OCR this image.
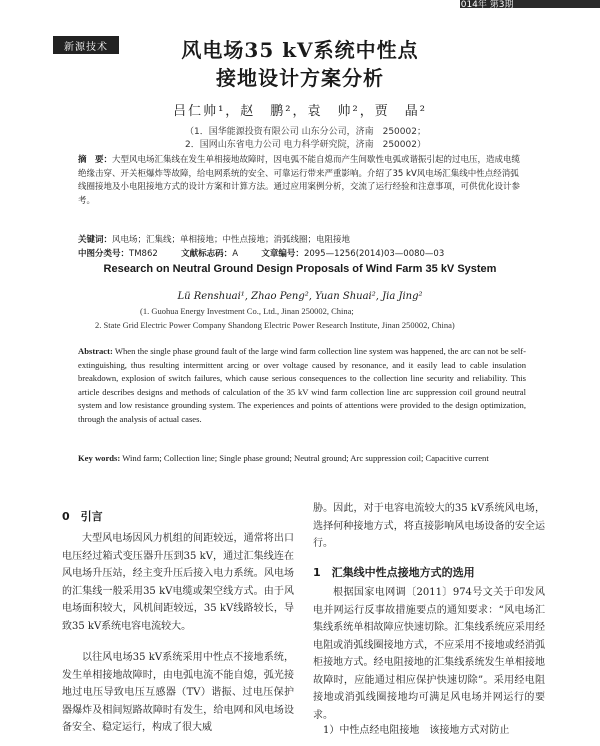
2014年 第3期
新源技术	风电场35 kV系统中性点
接地设计方案分析
吕仁帅¹，赵　鹏²，袁　帅²，贾　晶²
（1．国华能源投资有限公司 山东分公司，济南　250002；
2．国网山东省电力公司 电力科学研究院，济南　250002）
摘　要：大型风电场汇集线在发生单相接地故障时，因电弧不能自熄而产生间歇性电弧或谐振引起的过电压，造成电缆绝缘击穿、开关柜爆炸等故障，给电网系统的安全、可靠运行带来严重影响。介绍了35 kV风电场汇集线中性点经消弧线圈接地及小电阻接地方式的设计方案和计算方法。通过应用案例分析，交流了运行经验和注意事项，可供优化设计参考。
关键词：风电场；汇集线；单相接地；中性点接地；消弧线圈；电阻接地
中图分类号：TM862	文献标志码：A	文章编号：2095—1256(2014)03—0080—03
Research on Neutral Ground Design Proposals of Wind Farm 35 kV System
Lü Renshuai¹, Zhao Peng², Yuan Shuai², Jia Jing²
(1. Guohua Energy Investment Co., Ltd., Jinan 250002, China;
2. State Grid Electric Power Company Shandong Electric Power Research Institute, Jinan 250002, China)
Abstract: When the single phase ground fault of the large wind farm collection line system was happened, the arc can not be self-extinguishing, thus resulting intermittent arcing or over voltage caused by resonance, and it easily lead to cable insulation breakdown, explosion of switch failures, which cause serious consequences to the collection line security and reliability. This article describes designs and methods of calculation of the 35 kV wind farm collection line arc suppression coil ground neutral system and low resistance grounding system. The experiences and points of attentions were provided to the design optimization, through the analysis of actual cases.
Key words: Wind farm; Collection line; Single phase ground; Neutral ground; Arc suppression coil; Capacitive current
0　引言
大型风电场因风力机组的间距较远，通常将出口电压经过箱式变压器升压到35 kV，通过汇集线连在风电场升压站，经主变升压后接入电力系统。风电场的汇集线一般采用35 kV电缆或架空线方式。由于风电场面积较大，风机间距较远，35 kV线路较长，导致35 kV系统电容电流较大。
以往风电场35 kV系统采用中性点不接地系统，发生单相接地故障时，由电弧电流不能自熄，弧光接地过电压导致电压互感器（TV）谐振、过电压保护器爆炸及相间短路故障时有发生，给电网和风电场设备安全、稳定运行，构成了很大威
胁。因此，对于电容电流较大的35 kV系统风电场，选择何种接地方式，将直接影响风电场设备的安全运行。
1　汇集线中性点接地方式的选用
根据国家电网调〔2011〕974号文关于印发风电并网运行反事故措施要点的通知要求：“风电场汇集线系统单相故障应快速切除。汇集线系统应采用经电阻或消弧线圈接地方式，不应采用不接地或经消弧柜接地方式。经电阻接地的汇集线系统发生单相接地故障时，应能通过相应保护快速切除”。采用经电阻接地或消弧线圈接地均可满足风电场并网运行的要求。
1）中性点经电阻接地　该接地方式对防止
